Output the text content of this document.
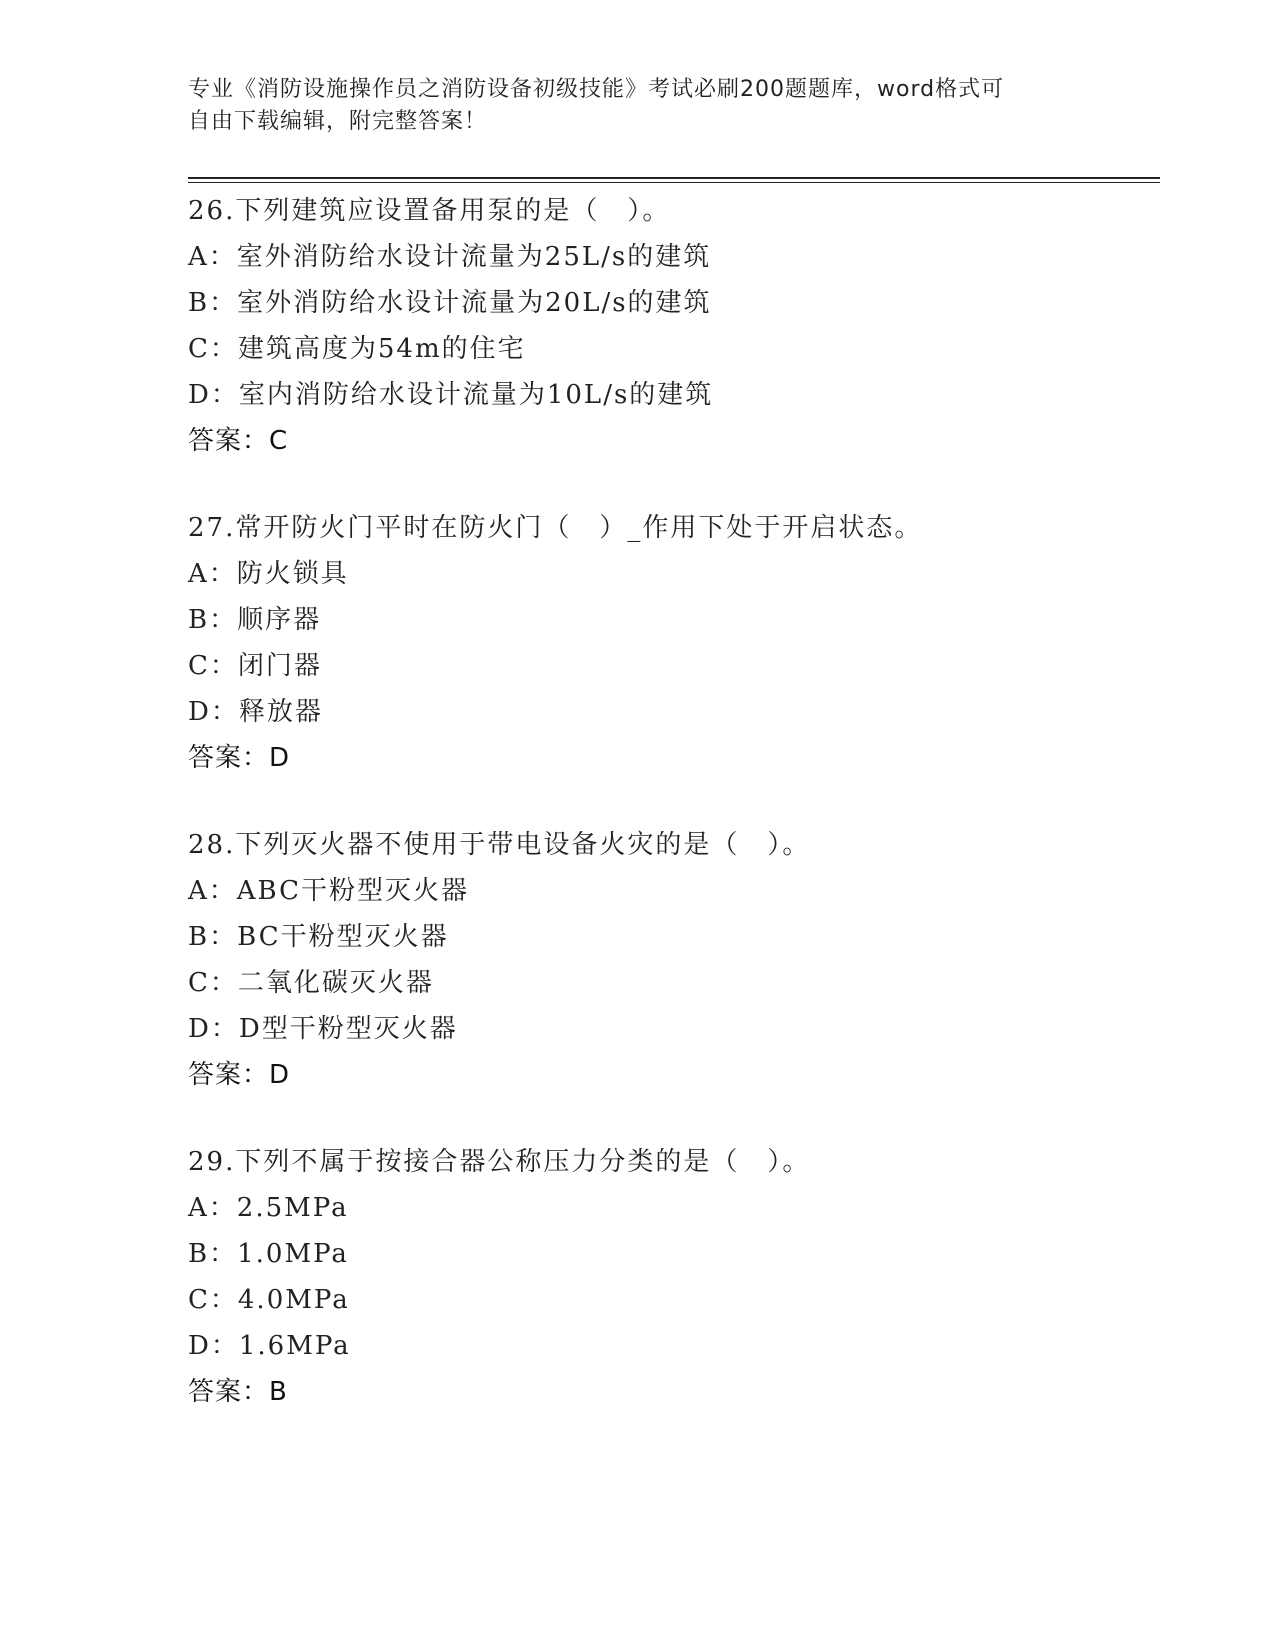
专业《消防设施操作员之消防设备初级技能》考试必刷200题题库，word格式可
自由下载编辑，附完整答案！
26.下列建筑应设置备用泵的是（　）。
A：室外消防给水设计流量为25L/s的建筑
B：室外消防给水设计流量为20L/s的建筑
C：建筑高度为54m的住宅
D：室内消防给水设计流量为10L/s的建筑
答案：C
27.常开防火门平时在防火门（　）_作用下处于开启状态。
A：防火锁具
B：顺序器
C：闭门器
D：释放器
答案：D
28.下列灭火器不使用于带电设备火灾的是（　）。
A：ABC干粉型灭火器
B：BC干粉型灭火器
C：二氧化碳灭火器
D：D型干粉型灭火器
答案：D
29.下列不属于按接合器公称压力分类的是（　）。
A：2.5MPa
B：1.0MPa
C：4.0MPa
D：1.6MPa
答案：B
